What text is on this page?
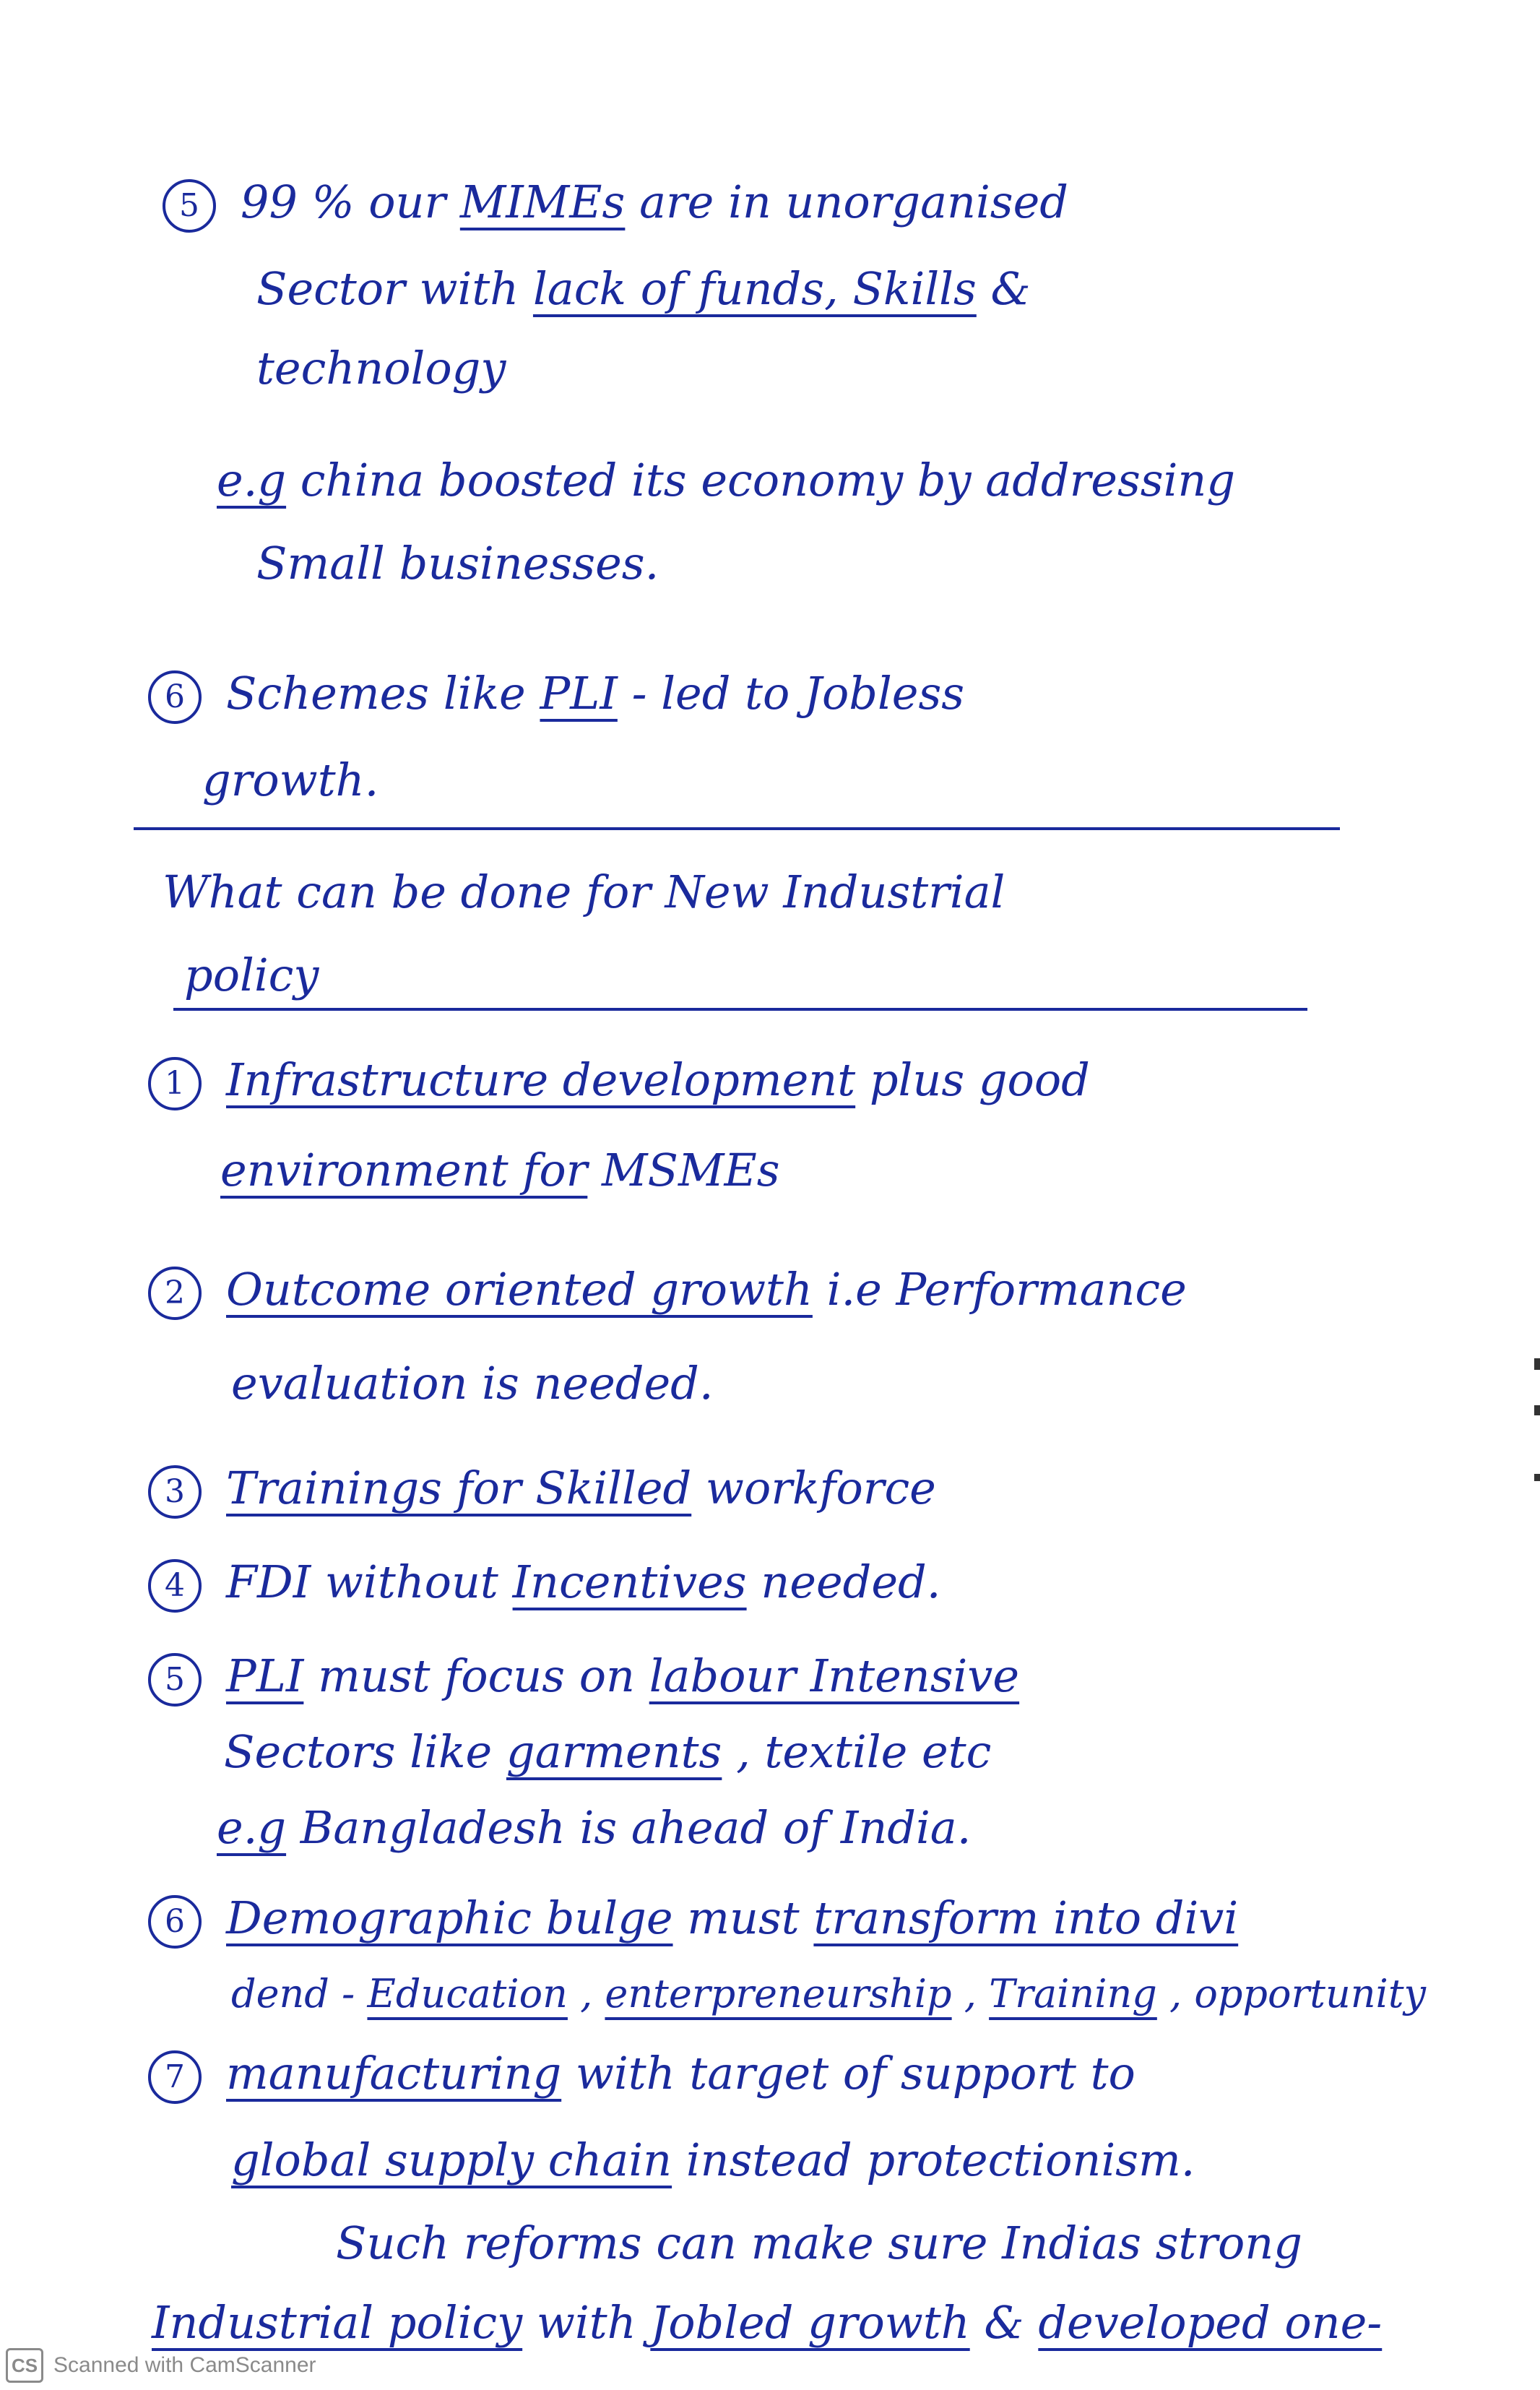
5 99 % our MIMEs are in unorganised
Sector with lack of funds, Skills &
technology
e.g china boosted its economy by addressing
Small businesses.
6 Schemes like PLI - led to Jobless
growth.
What can be done for New Industrial
policy
1 Infrastructure development plus good
environment for MSMEs
2 Outcome oriented growth i.e Performance
evaluation is needed.
3 Trainings for Skilled workforce
4 FDI without Incentives needed.
5 PLI must focus on labour Intensive
Sectors like garments , textile etc
e.g Bangladesh is ahead of India.
6 Demographic bulge must transform into divi
dend - Education , enterpreneurship , Training , opportunity
7 manufacturing with target of support to
global supply chain instead protectionism.
Such reforms can make sure Indias strong
Industrial policy with Jobled growth & developed one-
CS Scanned with CamScanner
